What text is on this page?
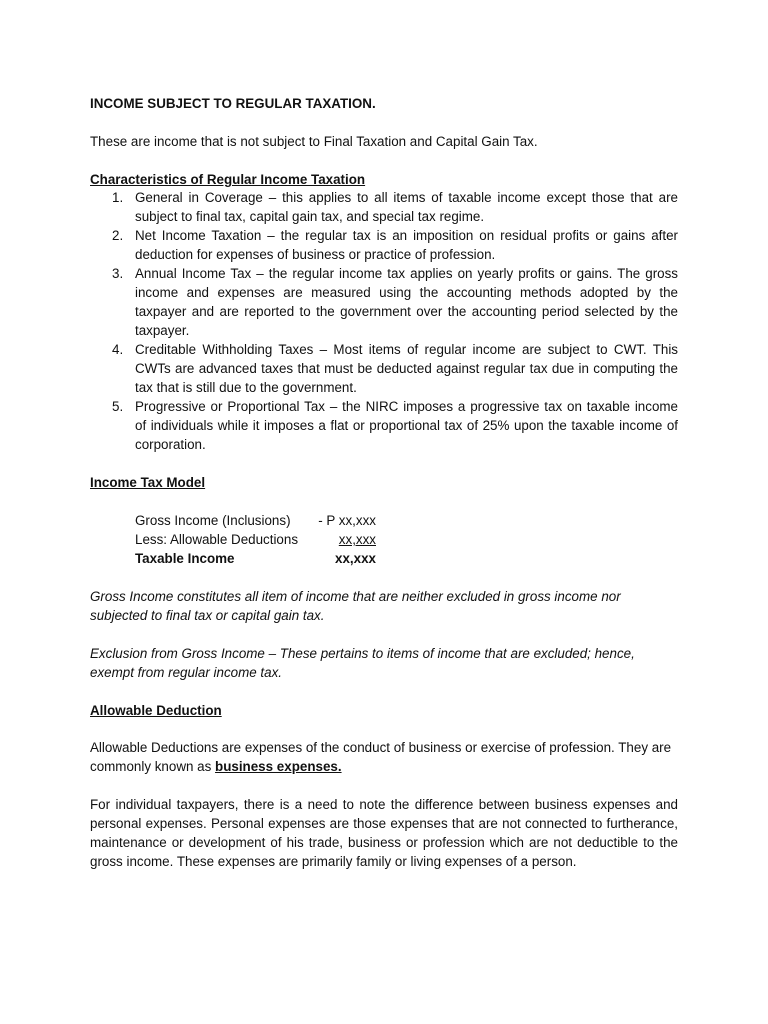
INCOME SUBJECT TO REGULAR TAXATION.

These are income that is not subject to Final Taxation and Capital Gain Tax.

Characteristics of Regular Income Taxation

1. General in Coverage – this applies to all items of taxable income except those that are subject to final tax, capital gain tax, and special tax regime.
2. Net Income Taxation – the regular tax is an imposition on residual profits or gains after deduction for expenses of business or practice of profession.
3. Annual Income Tax – the regular income tax applies on yearly profits or gains. The gross income and expenses are measured using the accounting methods adopted by the taxpayer and are reported to the government over the accounting period selected by the taxpayer.
4. Creditable Withholding Taxes – Most items of regular income are subject to CWT. This CWTs are advanced taxes that must be deducted against regular tax due in computing the tax that is still due to the government.
5. Progressive or Proportional Tax – the NIRC imposes a progressive tax on taxable income of individuals while it imposes a flat or proportional tax of 25% upon the taxable income of corporation.

Income Tax Model

Gross Income (Inclusions) - P xx,xxx
Less: Allowable Deductions	xx,xxx
Taxable Income	xx,xxx

Gross Income constitutes all item of income that are neither excluded in gross income nor subjected to final tax or capital gain tax.

Exclusion from Gross Income – These pertains to items of income that are excluded; hence, exempt from regular income tax.

Allowable Deduction

Allowable Deductions are expenses of the conduct of business or exercise of profession. They are commonly known as business expenses.

For individual taxpayers, there is a need to note the difference between business expenses and personal expenses. Personal expenses are those expenses that are not connected to furtherance, maintenance or development of his trade, business or profession which are not deductible to the gross income. These expenses are primarily family or living expenses of a person.
